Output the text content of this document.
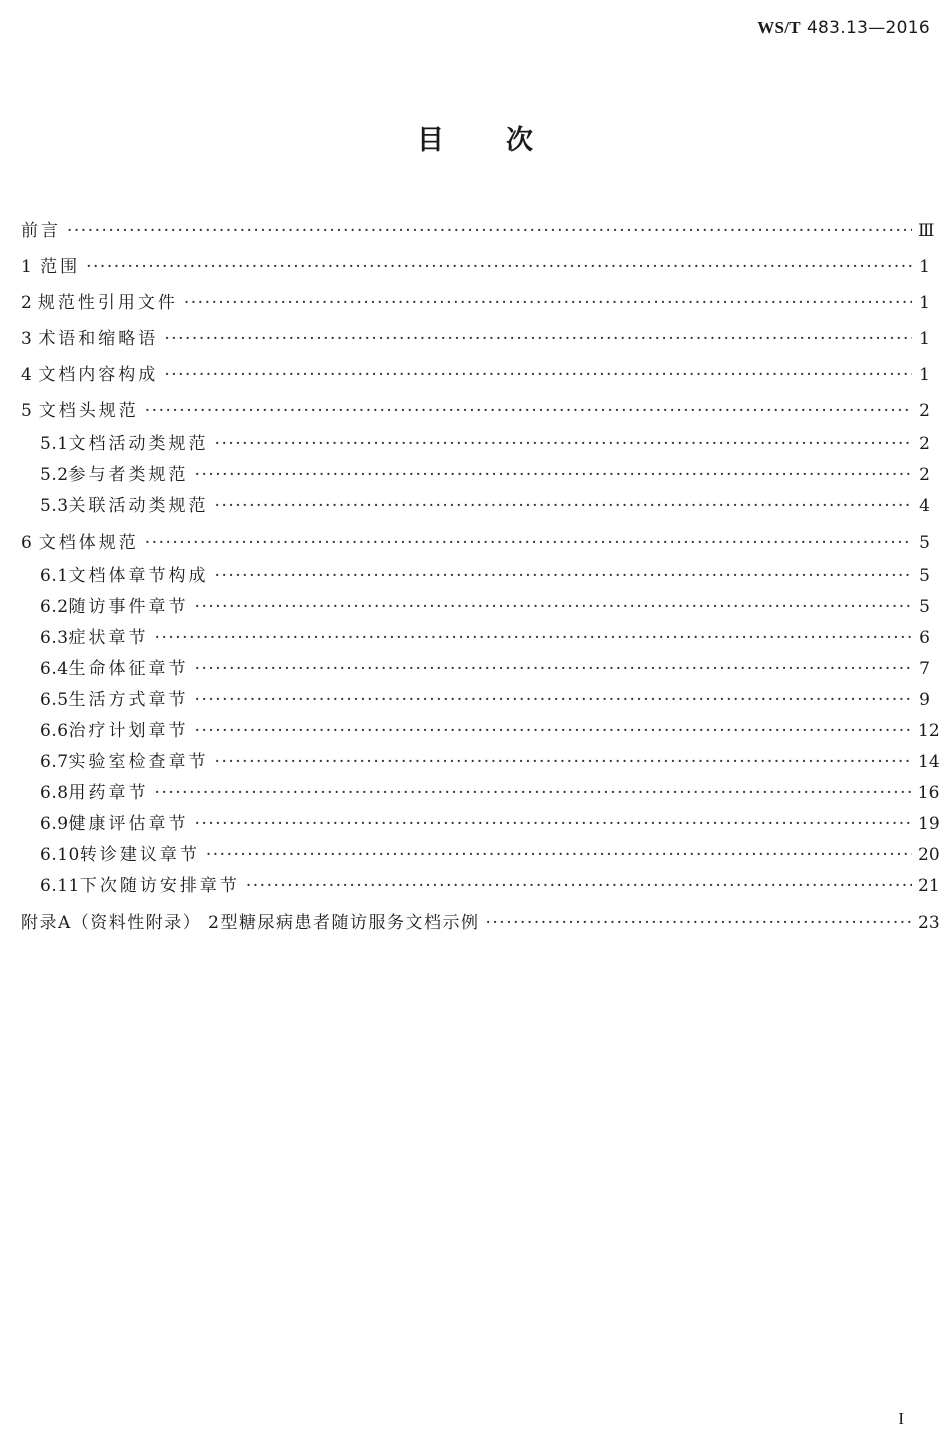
WS/T 483.13—2016
目次
前言 ·····	Ⅲ
1 范围 ·····	1
2 规范性引用文件 ·····	1
3 术语和缩略语 ·····	1
4 文档内容构成 ·····	1
5 文档头规范 ·····	2
5.1 文档活动类规范 ·····	2
5.2 参与者类规范 ·····	2
5.3 关联活动类规范 ·····	4
6 文档体规范 ·····	5
6.1 文档体章节构成 ·····	5
6.2 随访事件章节 ·····	5
6.3 症状章节 ·····	6
6.4 生命体征章节 ·····	7
6.5 生活方式章节 ·····	9
6.6 治疗计划章节 ·····	12
6.7 实验室检查章节 ·····	14
6.8 用药章节 ·····	16
6.9 健康评估章节 ·····	19
6.10 转诊建议章节 ·····	20
6.11 下次随访安排章节 ·····	21
附录A（资料性附录） 2型糖尿病患者随访服务文档示例 ·····	23
I
